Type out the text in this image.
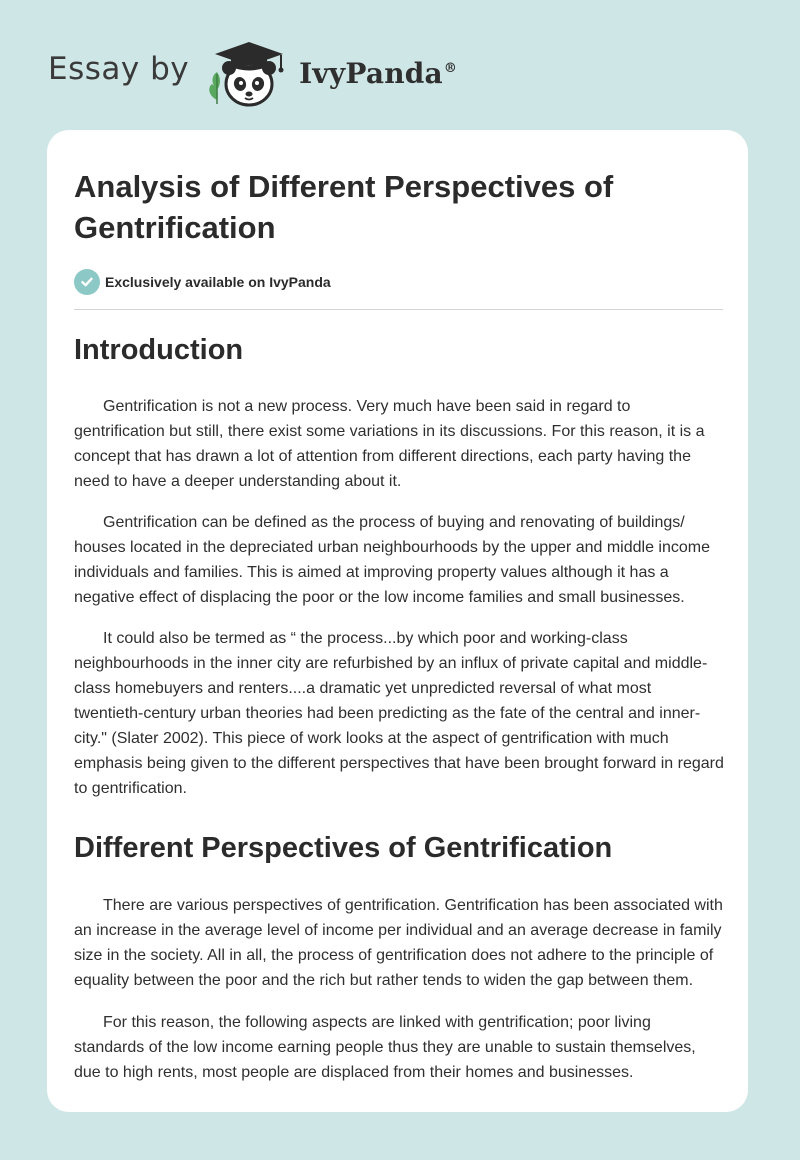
Essay by	IvyPanda®
Analysis of Different Perspectives of Gentrification
Exclusively available on IvyPanda
Introduction

Gentrification is not a new process. Very much have been said in regard to gentrification but still, there exist some variations in its discussions. For this reason, it is a concept that has drawn a lot of attention from different directions, each party having the need to have a deeper understanding about it.

Gentrification can be defined as the process of buying and renovating of buildings/ houses located in the depreciated urban neighbourhoods by the upper and middle income individuals and families. This is aimed at improving property values although it has a negative effect of displacing the poor or the low income families and small businesses.

It could also be termed as “ the process...by which poor and working-class neighbourhoods in the inner city are refurbished by an influx of private capital and middle-class homebuyers and renters....a dramatic yet unpredicted reversal of what most twentieth-century urban theories had been predicting as the fate of the central and inner-city." (Slater 2002). This piece of work looks at the aspect of gentrification with much emphasis being given to the different perspectives that have been brought forward in regard to gentrification.

Different Perspectives of Gentrification

There are various perspectives of gentrification. Gentrification has been associated with an increase in the average level of income per individual and an average decrease in family size in the society. All in all, the process of gentrification does not adhere to the principle of equality between the poor and the rich but rather tends to widen the gap between them.

For this reason, the following aspects are linked with gentrification; poor living standards of the low income earning people thus they are unable to sustain themselves, due to high rents, most people are displaced from their homes and businesses.
